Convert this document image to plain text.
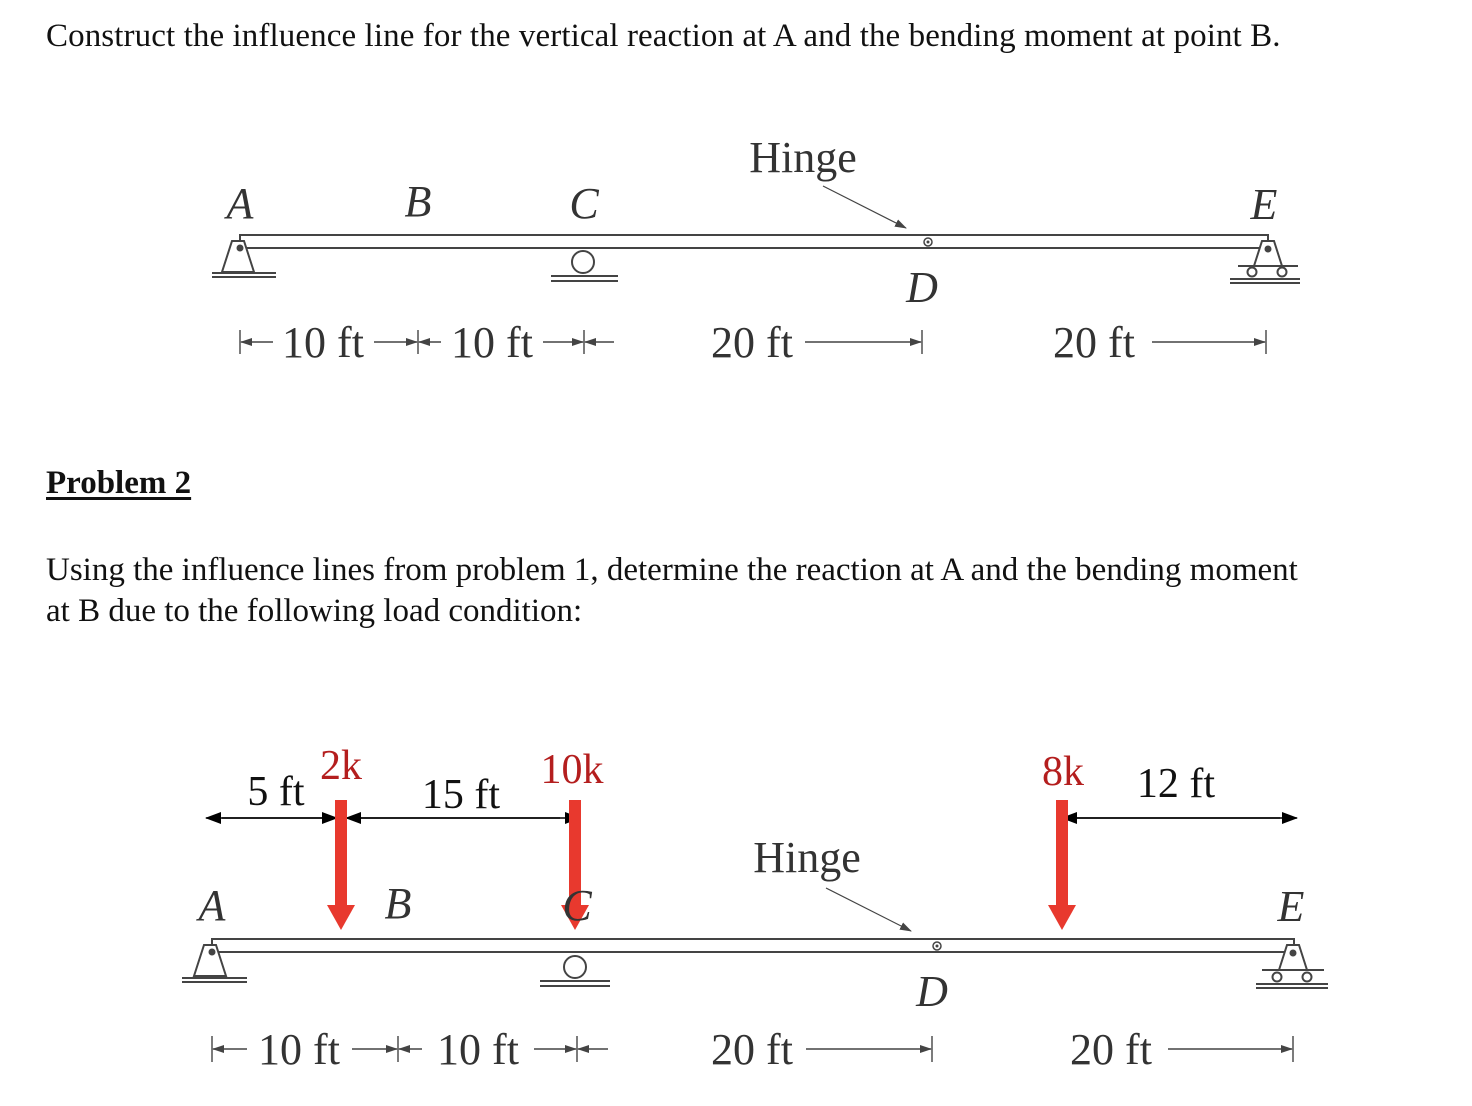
Construct the influence line for the vertical reaction at A and the bending moment at point B.

Problem 2

Using the influence lines from problem 1, determine the reaction at A and the bending moment
at B due to the following load condition:
Hinge
A	B	C
D
E
10 ft 10 ft	20 ft	20 ft
5 ft	15 ft	12 ft
2k	10k	8k
A	B	C
D
E
Hinge
10 ft 10 ft	20 ft	20 ft
